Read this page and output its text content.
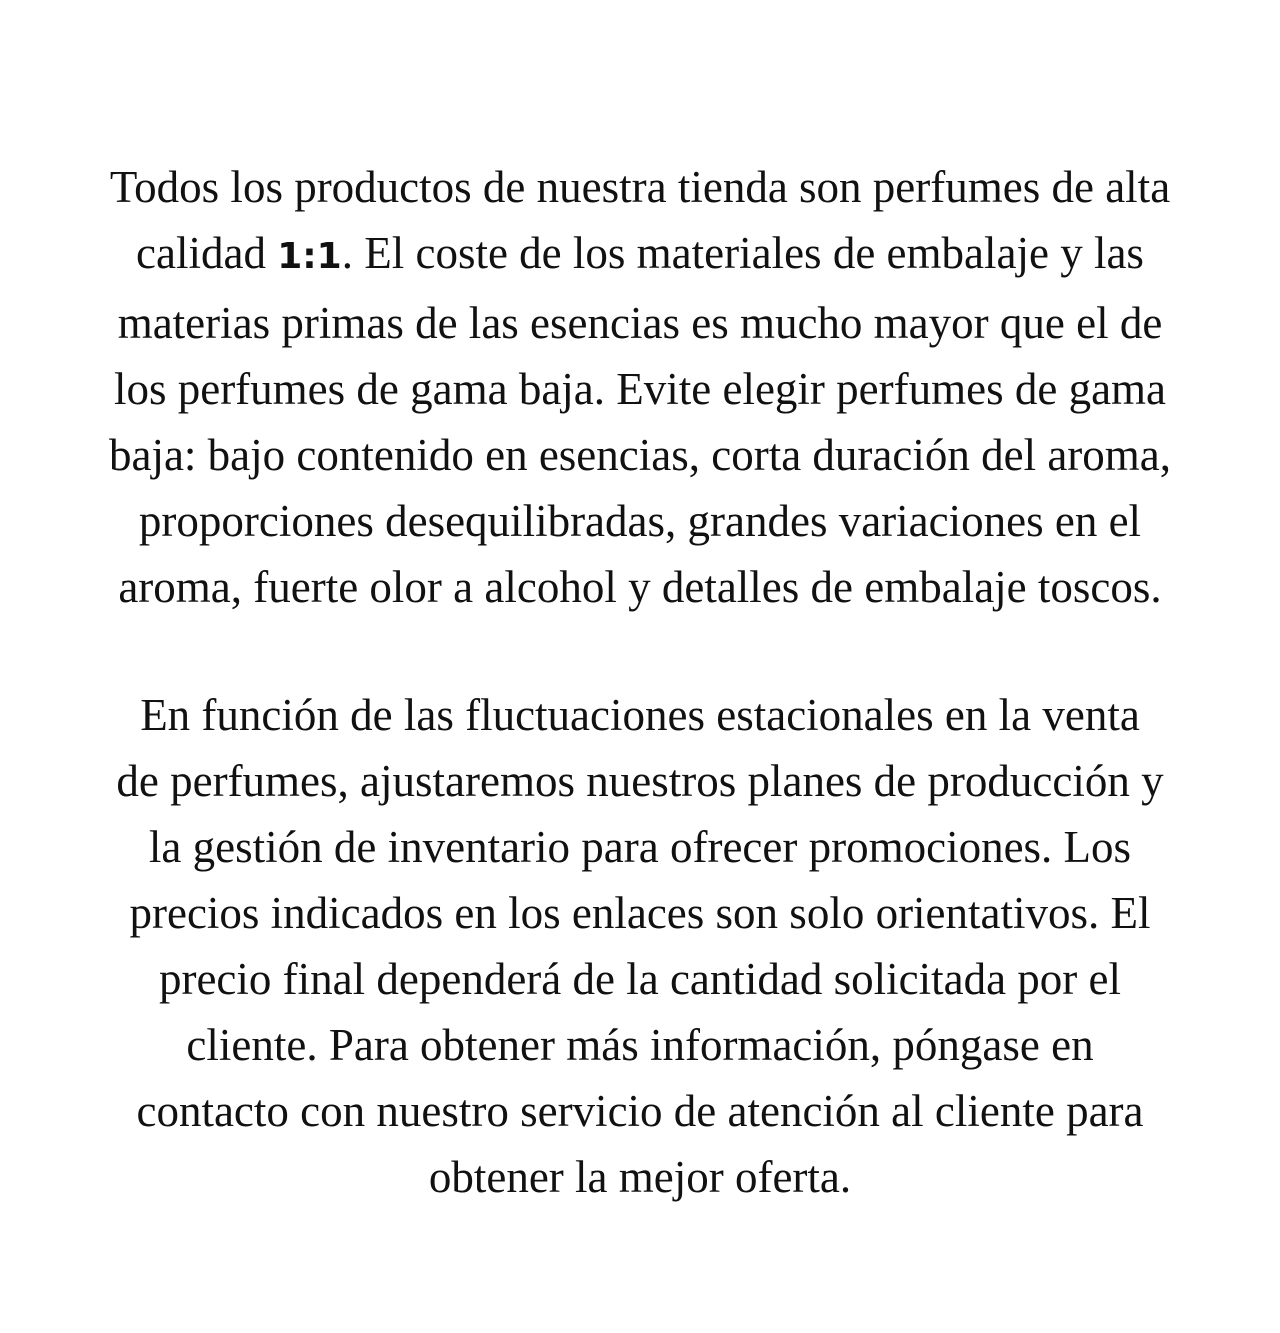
Todos los productos de nuestra tienda son perfumes de alta
calidad 1:1. El coste de los materiales de embalaje y las
materias primas de las esencias es mucho mayor que el de
los perfumes de gama baja. Evite elegir perfumes de gama
baja: bajo contenido en esencias, corta duración del aroma,
proporciones desequilibradas, grandes variaciones en el
aroma, fuerte olor a alcohol y detalles de embalaje toscos.
En función de las fluctuaciones estacionales en la venta
de perfumes, ajustaremos nuestros planes de producción y
la gestión de inventario para ofrecer promociones. Los
precios indicados en los enlaces son solo orientativos. El
precio final dependerá de la cantidad solicitada por el
cliente. Para obtener más información, póngase en
contacto con nuestro servicio de atención al cliente para
obtener la mejor oferta.
